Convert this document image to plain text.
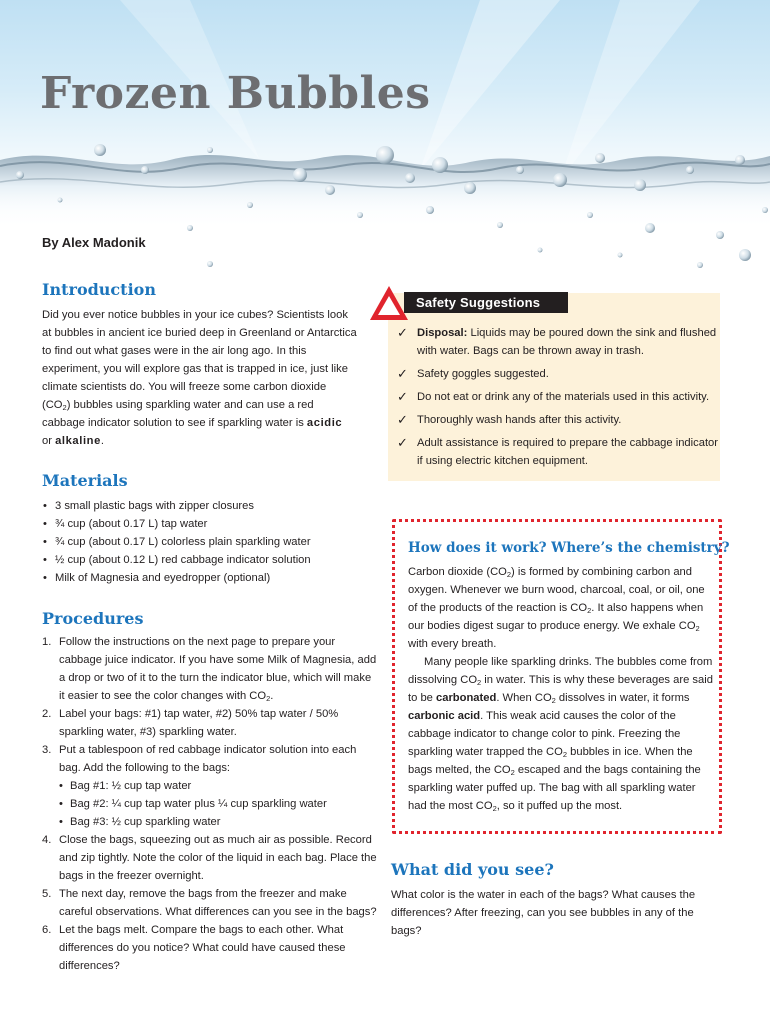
Frozen Bubbles
By Alex Madonik
Introduction
Did you ever notice bubbles in your ice cubes? Scientists look at bubbles in ancient ice buried deep in Greenland or Antarctica to find out what gases were in the air long ago. In this experiment, you will explore gas that is trapped in ice, just like climate scientists do. You will freeze some carbon dioxide $(CO_2)$ bubbles using sparkling water and can use a red cabbage indicator solution to see if sparkling water is acidic
or alkaline.
Materials
• 3 small plastic bags with zipper closures
• ¾ cup (about 0.17 L) tap water
• ¾ cup (about 0.17 L) colorless plain sparkling water
• ½ cup (about 0.12 L) red cabbage indicator solution
• Milk of Magnesia and eyedropper (optional)
Procedures
1. Follow the instructions on the next page to prepare your cabbage juice indicator. If you have some Milk of Magnesia, add a drop or two of it to the turn the indicator blue, which will make it easier to see the color changes with $CO_2$.
2. Label your bags: #1) tap water, #2) 50% tap water / 50% sparkling water, #3) sparkling water.
3. Put a tablespoon of red cabbage indicator solution into each bag. Add the following to the bags:
• Bag #1: ½ cup tap water
• Bag #2: ¼ cup tap water plus ¼ cup sparkling water
• Bag #3: ½ cup sparkling water
4. Close the bags, squeezing out as much air as possible. Record and zip tightly. Note the color of the liquid in each bag. Place the bags in the freezer overnight.
5. The next day, remove the bags from the freezer and make careful observations. What differences can you see in the bags?
6. Let the bags melt. Compare the bags to each other. What differences do you notice? What could have caused these differences?
Safety Suggestions
✓ Disposal: Liquids may be poured down the sink and flushed with water. Bags can be thrown away in trash.
✓ Safety goggles suggested.
✓ Do not eat or drink any of the materials used in this activity.
✓ Thoroughly wash hands after this activity.
✓ Adult assistance is required to prepare the cabbage indicator if using electric kitchen equipment.
How does it work? Where’s the chemistry?

Carbon dioxide $(CO_2)$ is formed by combining carbon and oxygen. Whenever we burn wood, charcoal, coal, or oil, one of the products of the reaction is $CO_2$. It also happens when our bodies digest sugar to produce energy. We exhale $CO_2$ with every breath.

Many people like sparkling drinks. The bubbles come from dissolving $CO_2$ in water. This is why these beverages are said to be carbonated. When $CO_2$ dissolves in water, it forms carbonic acid. This weak acid causes the color of the cabbage indicator to change color to pink. Freezing the sparkling water trapped the $CO_2$ bubbles in ice. When the bags melted, the $CO_2$ escaped and the bags containing the sparkling water puffed up. The bag with all sparkling water had the most $CO_2$, so it puffed up the most.

What did you see?
What color is the water in each of the bags? What causes the differences? After freezing, can you see bubbles in any of the bags?
